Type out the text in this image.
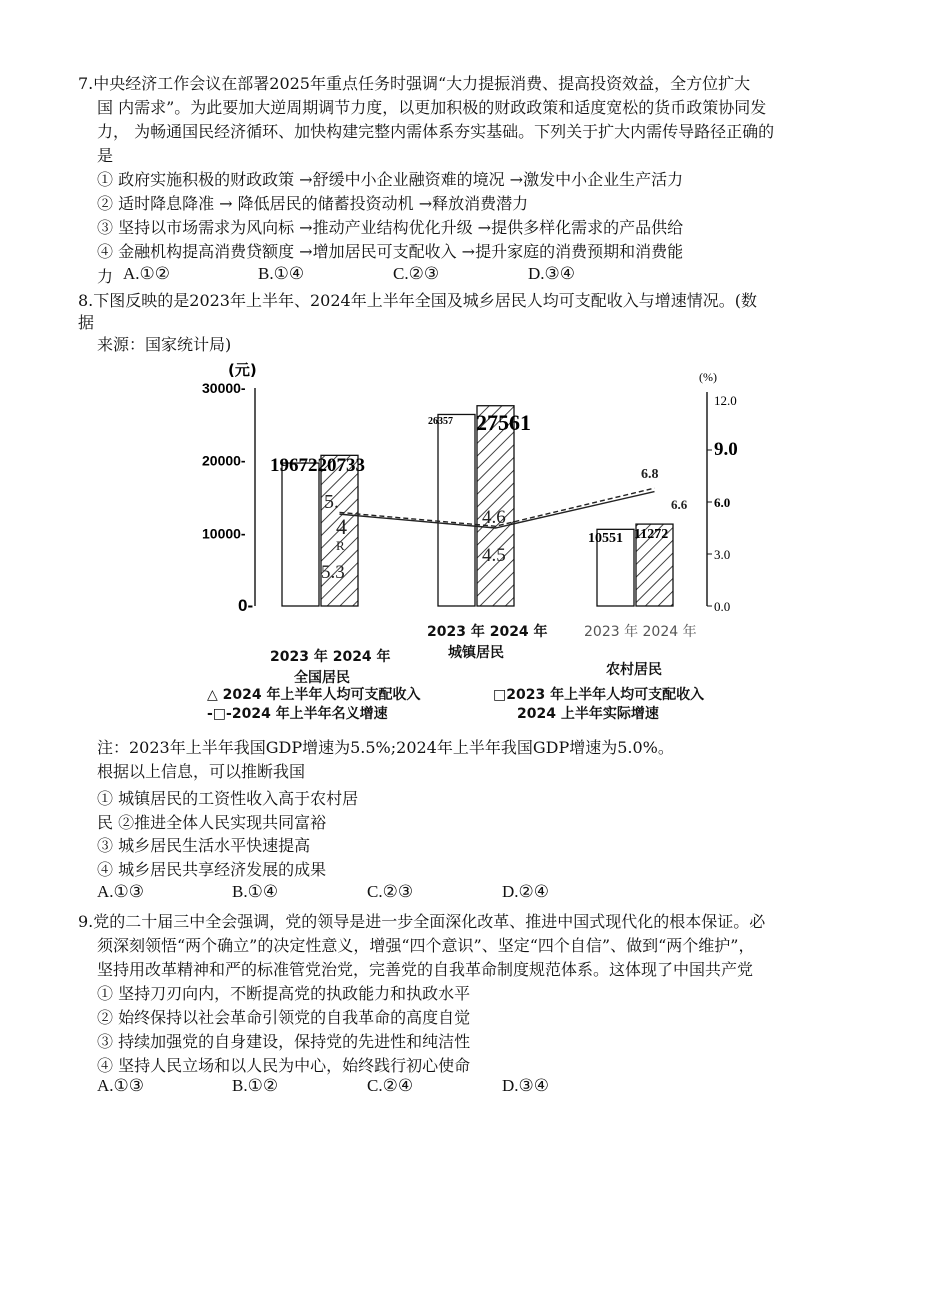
7.中央经济工作会议在部署2025年重点任务时强调“大力提振消费、提高投资效益，全方位扩大
国 内需求”。为此要加大逆周期调节力度，以更加积极的财政政策和适度宽松的货币政策协同发
力， 为畅通国民经济循环、加快构建完整内需体系夯实基础。下列关于扩大内需传导路径正确的
是
① 政府实施积极的财政政策 →舒缓中小企业融资难的境况 →激发中小企业生产活力
② 适时降息降准 → 降低居民的储蓄投资动机 →释放消费潜力
③ 坚持以市场需求为风向标 →推动产业结构优化升级 →提供多样化需求的产品供给
④ 金融机构提高消费贷额度 →增加居民可支配收入 →提升家庭的消费预期和消费能
力 A.①②	B.①④	C.②③	D.③④
8.下图反映的是2023年上半年、2024年上半年全国及城乡居民人均可支配收入与增速情况。(数
据
来源：国家统计局)
(元)	(%)
30000-
20000-
10000-
0-
12.0
9.0
6.0
3.0
0.0
1967220733
26357 27561
10551 11272
5.
4
R
5.3
4.6
4.5
6.8
6.6
2023 年 2024 年
全国居民
2023 年 2024 年
城镇居民
2023 年 2024 年
农村居民
△ 2024 年上半年人均可支配收入	□2023 年上半年人均可支配收入
-□-2024 年上半年名义增速	2024 上半年实际增速
注：2023年上半年我国GDP增速为5.5%;2024年上半年我国GDP增速为5.0%。
根据以上信息，可以推断我国
① 城镇居民的工资性收入高于农村居
民 ②推进全体人民实现共同富裕
③ 城乡居民生活水平快速提高
④ 城乡居民共享经济发展的成果
A.①③	B.①④	C.②③	D.②④
9.党的二十届三中全会强调，党的领导是进一步全面深化改革、推进中国式现代化的根本保证。必
须深刻领悟“两个确立”的决定性意义，增强“四个意识”、坚定“四个自信”、做到“两个维护”，
坚持用改革精神和严的标准管党治党，完善党的自我革命制度规范体系。这体现了中国共产党
① 坚持刀刃向内，不断提高党的执政能力和执政水平
② 始终保持以社会革命引领党的自我革命的高度自觉
③ 持续加强党的自身建设，保持党的先进性和纯洁性
④ 坚持人民立场和以人民为中心，始终践行初心使命
A.①③	B.①②	C.②④	D.③④
